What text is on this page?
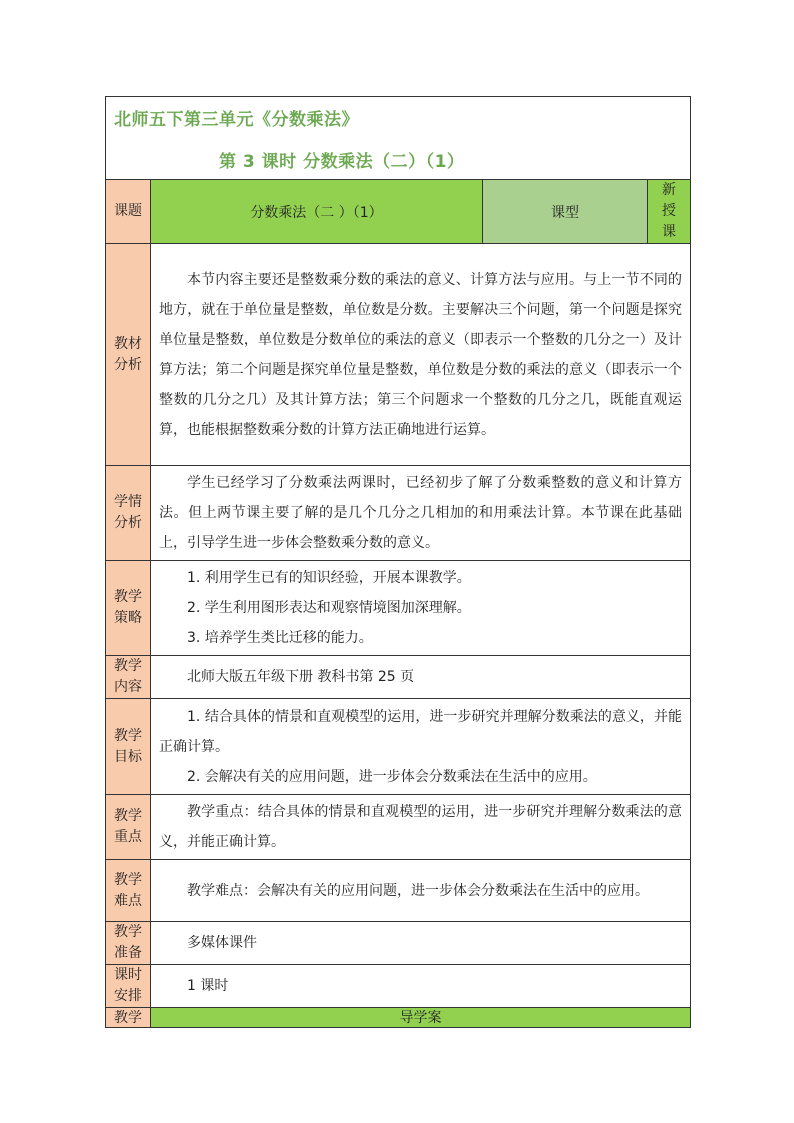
北师五下第三单元《分数乘法》
第 3 课时 分数乘法（二）（1）			

课题	分数乘法（二 ）（1）	课型	新授课
教材分析	本节内容主要还是整数乘分数的乘法的意义、计算方法与应用。与上一节不同的地方，就在于单位量是整数，单位数是分数。主要解决三个问题，第一个问题是探究单位量是整数，单位数是分数单位的乘法的意义（即表示一个整数的几分之一）及计算方法；第二个问题是探究单位量是整数，单位数是分数的乘法的意义（即表示一个整数的几分之几）及其计算方法；第三个问题求一个整数的几分之几，既能直观运算，也能根据整数乘分数的计算方法正确地进行运算。		

学情分析	学生已经学习了分数乘法两课时，已经初步了解了分数乘整数的意义和计算方法。但上两节课主要了解的是几个几分之几相加的和用乘法计算。本节课在此基础上，引导学生进一步体会整数乘分数的意义。		

教学策略	1. 利用学生已有的知识经验，开展本课教学。

2. 学生利用图形表达和观察情境图加深理解。

3. 培养学生类比迁移的能力。		

教学内容	北师大版五年级下册 教科书第 25 页		

教学目标	1. 结合具体的情景和直观模型的运用，进一步研究并理解分数乘法的意义，并能正确计算。

2. 会解决有关的应用问题，进一步体会分数乘法在生活中的应用。		

教学重点	教学重点：结合具体的情景和直观模型的运用，进一步研究并理解分数乘法的意义，并能正确计算。		

教学难点	教学难点：会解决有关的应用问题，进一步体会分数乘法在生活中的应用。		

教学准备	多媒体课件		

课时安排	1 课时		

教学	导学案		
